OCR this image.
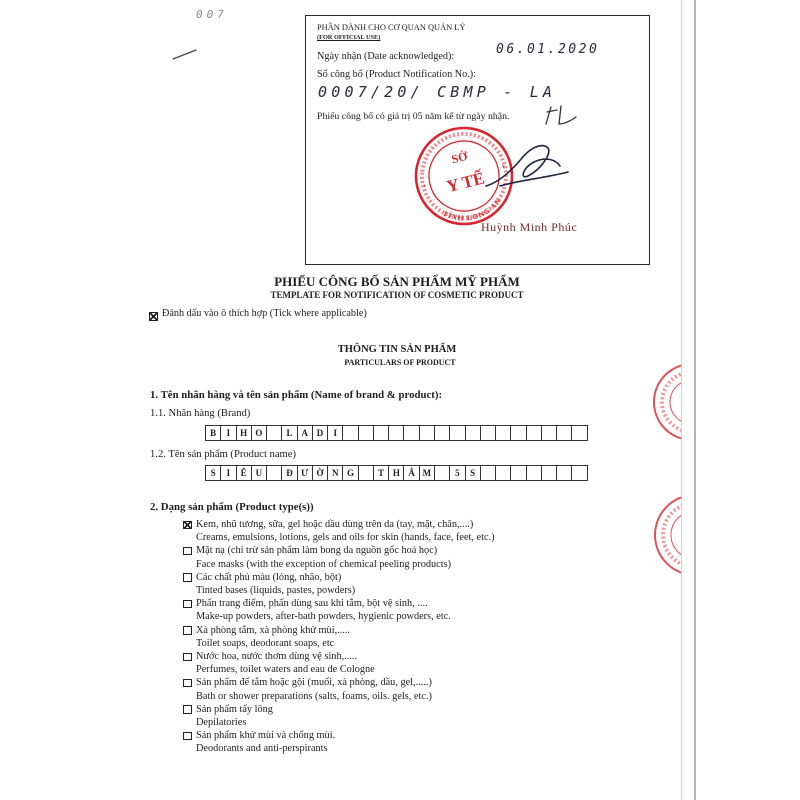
007
PHẦN DÀNH CHO CƠ QUAN QUẢN LÝ
(FOR OFFICIAL USE)
Ngày nhận (Date acknowledged):	06.01.2020
Số công bố (Product Notification No.):
0007/20/ CBMP - LA
Phiếu công bố có giá trị 05 năm kể từ ngày nhận.
TỈNH LONG AN
SỞ
Y TẾ
Huỳnh Minh Phúc
PHIẾU CÔNG BỐ SẢN PHẨM MỸ PHẨM
TEMPLATE FOR NOTIFICATION OF COSMETIC PRODUCT
Đánh dấu vào ô thích hợp (Tick where applicable)
THÔNG TIN SẢN PHẨM
PARTICULARS OF PRODUCT
1. Tên nhãn hàng và tên sản phẩm (Name of brand & product):
1.1. Nhãn hàng (Brand)
B	I	H O	L	A D	I
1.2. Tên sản phẩm (Product name)
S	I	Ê	U	Đ Ư Ờ N G	T H Â M	5	S
2. Dạng sản phẩm (Product type(s))
Kem, nhũ tương, sữa, gel hoặc dầu dùng trên da (tay, mặt, chân,....)
Creams, emulsions, lotions, gels and oils for skin (hands, face, feet, etc.)
Mặt nạ (chỉ trừ sản phẩm làm bong da nguồn gốc hoá học)
Face masks (with the exception of chemical peeling products)
Các chất phủ màu (lỏng, nhão, bột)
Tinted bases (liquids, pastes, powders)
Phấn trang điểm, phấn dùng sau khi tắm, bột vệ sinh, ....
Make-up powders, after-bath powders, hygienic powders, etc.
Xà phòng tắm, xà phòng khử mùi,.....
Toilet soaps, deodorant soaps, etc
Nước hoa, nước thơm dùng vệ sinh,.....
Perfumes, toilet waters and eau de Cologne
Sản phẩm để tắm hoặc gội (muối, xà phòng, dầu, gel,.....)
Bath or shower preparations (salts, foams, oils. gels, etc.)
Sản phẩm tẩy lông
Depilatories
Sản phẩm khử mùi và chống mùi.
Deodorants and anti-perspirants
